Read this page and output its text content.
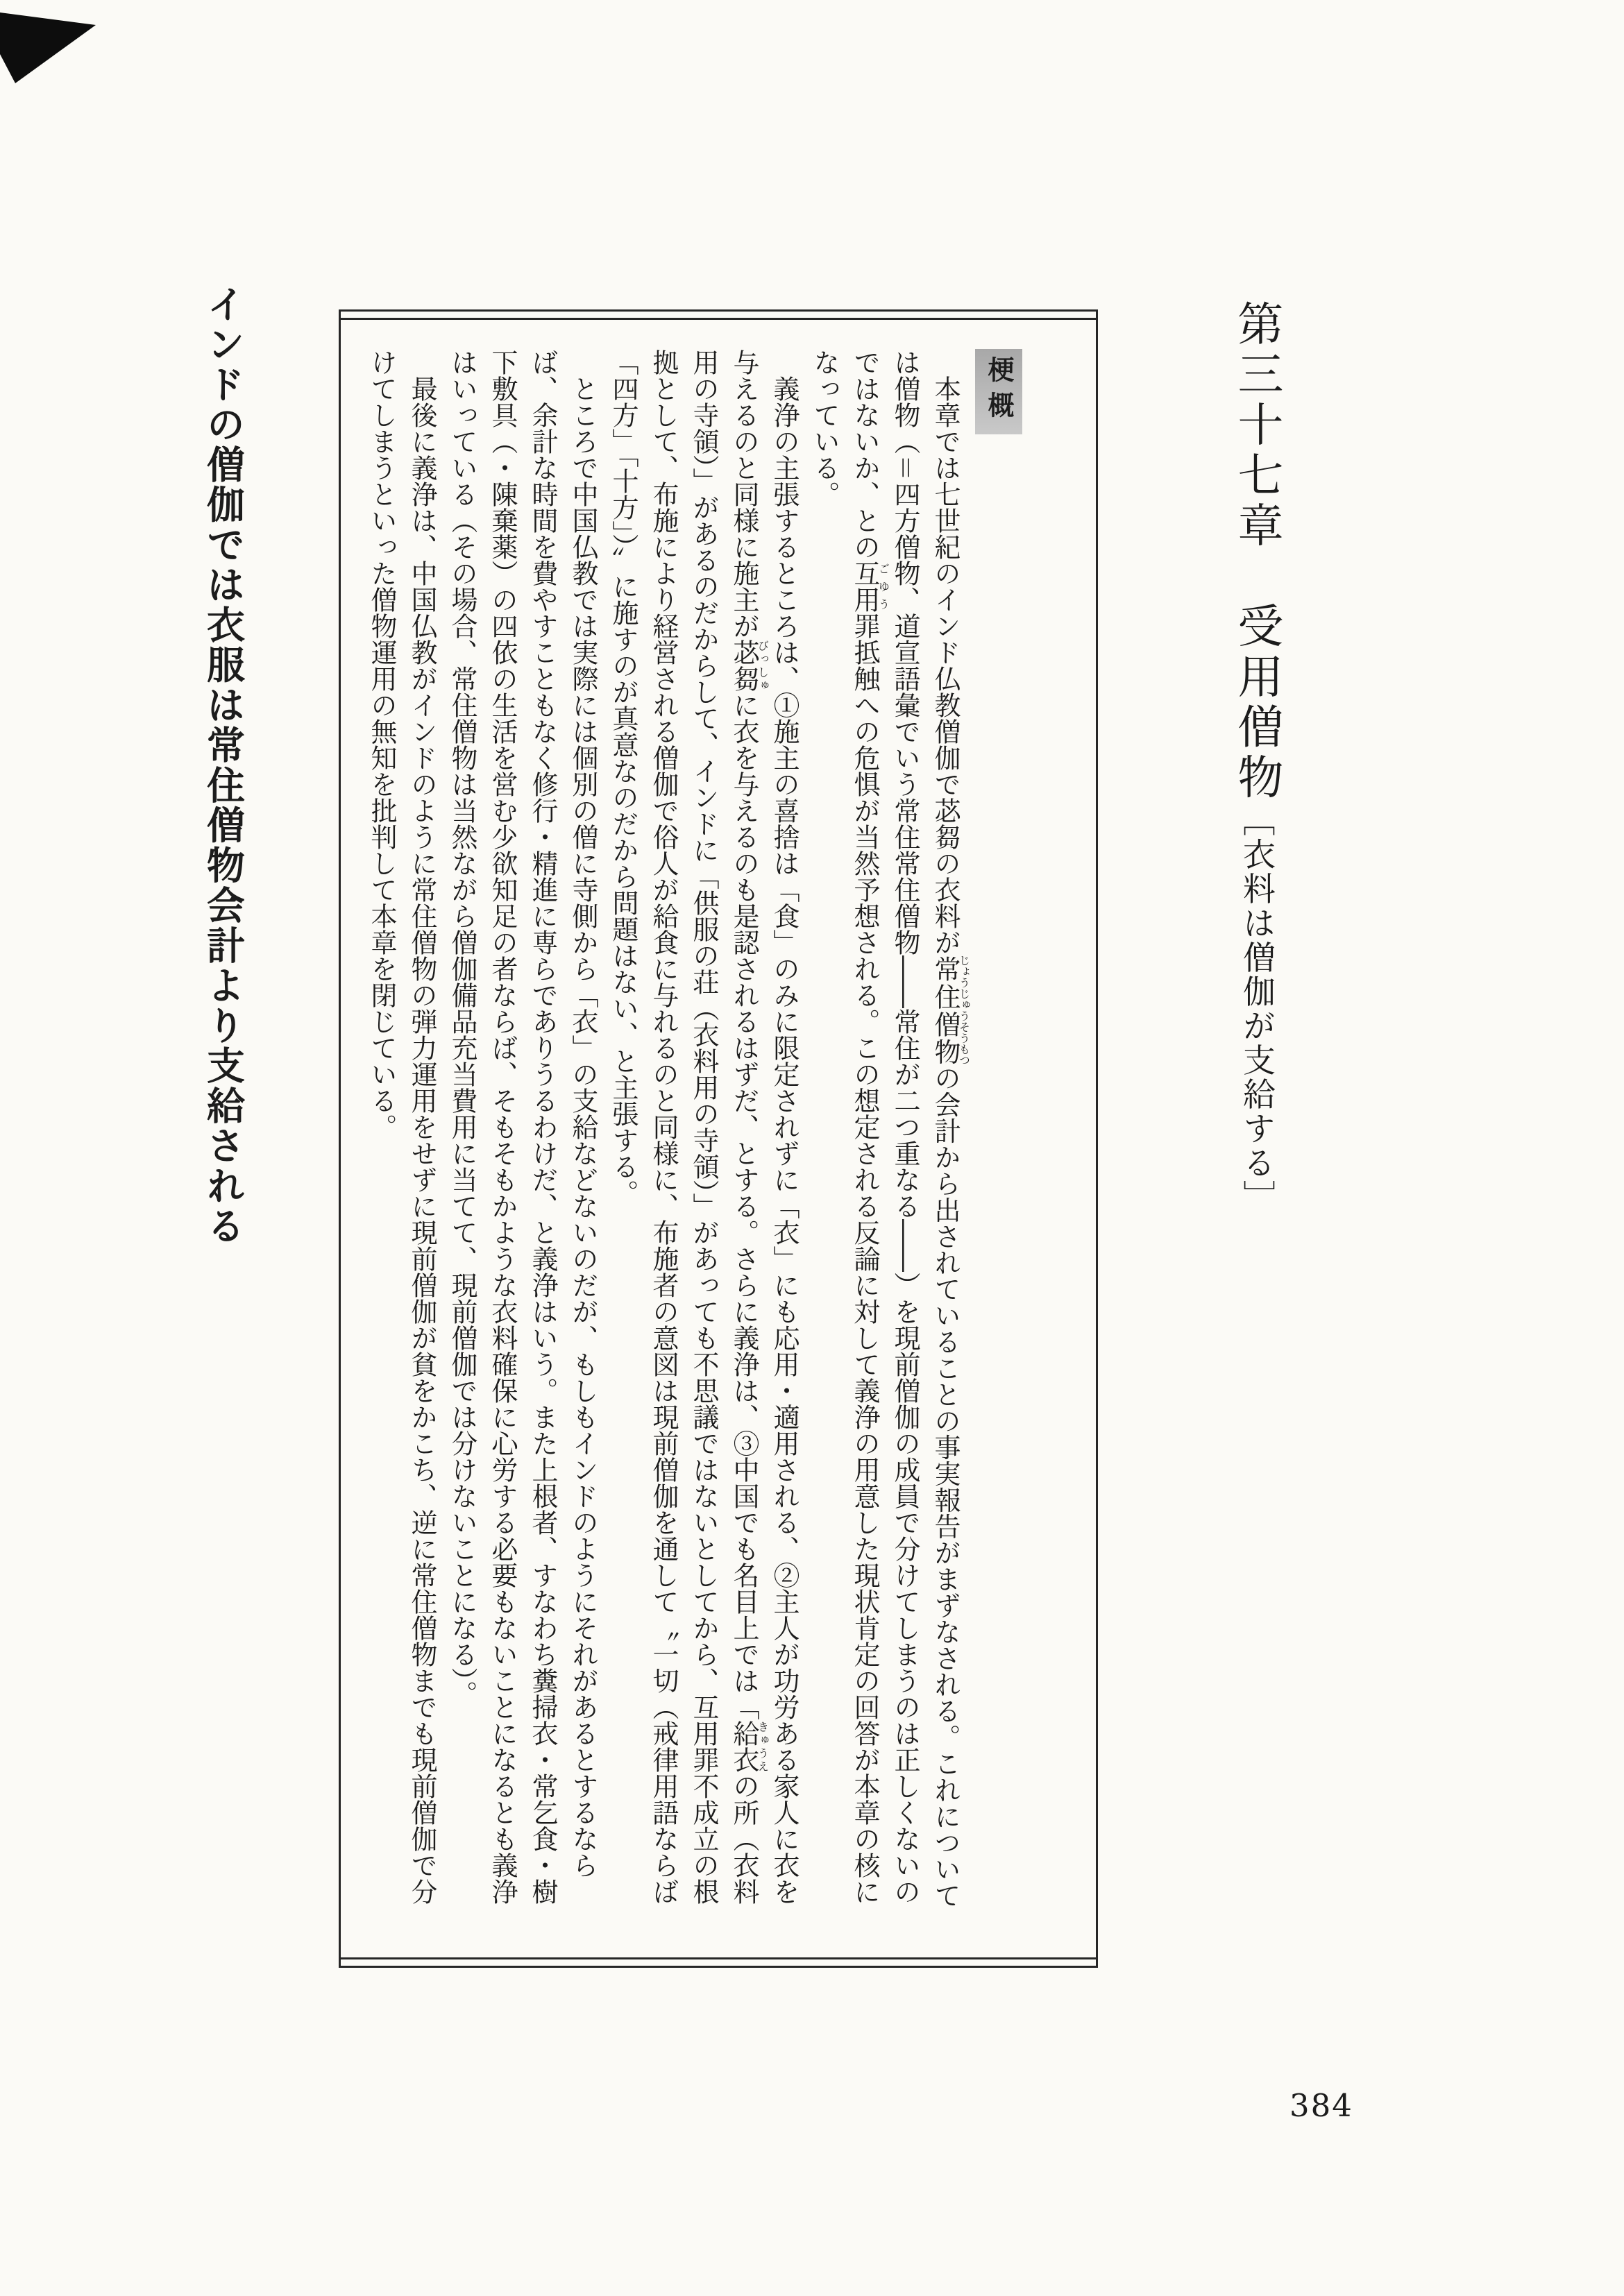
第三十七章　受用僧物［衣料は僧伽が支給する］
梗概

本章では七世紀のインド仏教僧伽で苾芻の衣料が常住僧物じょうじゅうそうもつの会計から出されていることの事実報告がまずなされる。これについては僧物（＝四方僧物、道宣語彙でいう常住常住僧物――常住が二つ重なる――）を現前僧伽の成員で分けてしまうのは正しくないのではないか、との互用ごゆう罪抵触への危惧が当然予想される。この想定される反論に対して義浄の用意した現状肯定の回答が本章の核になっている。

義浄の主張するところは、①施主の喜捨は「食」のみに限定されずに「衣」にも応用・適用される、②主人が功労ある家人に衣を与えるのと同様に施主が苾芻びっしゅに衣を与えるのも是認されるはずだ、とする。さらに義浄は、③中国でも名目上では「給衣きゅうえの所（衣料用の寺領）」があるのだからして、インドに「供服の荘（衣料用の寺領）」があっても不思議ではないとしてから、互用罪不成立の根拠として、布施により経営される僧伽で俗人が給食に与れるのと同様に、布施者の意図は現前僧伽を通して〝一切（戒律用語ならば「四方」「十方」）〟に施すのが真意なのだから問題はない、と主張する。

ところで中国仏教では実際には個別の僧に寺側から「衣」の支給などないのだが、もしもインドのようにそれがあるとするならば、余計な時間を費やすこともなく修行・精進に専らでありうるわけだ、と義浄はいう。また上根者、すなわち糞掃衣・常乞食・樹下敷具（・陳棄薬）の四依の生活を営む少欲知足の者ならば、そもそもかような衣料確保に心労する必要もないことになるとも義浄はいっている（その場合、常住僧物は当然ながら僧伽備品充当費用に当てて、現前僧伽では分けないことになる）。

最後に義浄は、中国仏教がインドのように常住僧物の弾力運用をせずに現前僧伽が貧をかこち、逆に常住僧物までも現前僧伽で分けてしまうといった僧物運用の無知を批判して本章を閉じている。

インドの僧伽では衣服は常住僧物会計より支給される
384
